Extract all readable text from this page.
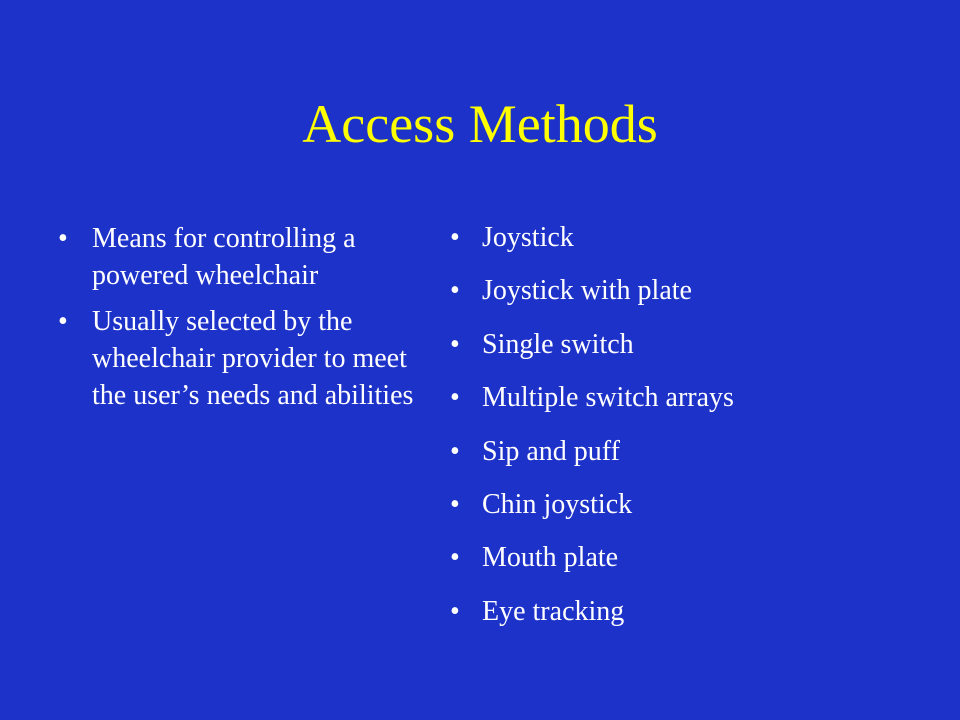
Access Methods
• Means for controlling a powered wheelchair
• Usually selected by the wheelchair provider to meet the user’s needs and abilities
• Joystick
• Joystick with plate
• Single switch
• Multiple switch arrays
• Sip and puff
• Chin joystick
• Mouth plate
• Eye tracking
